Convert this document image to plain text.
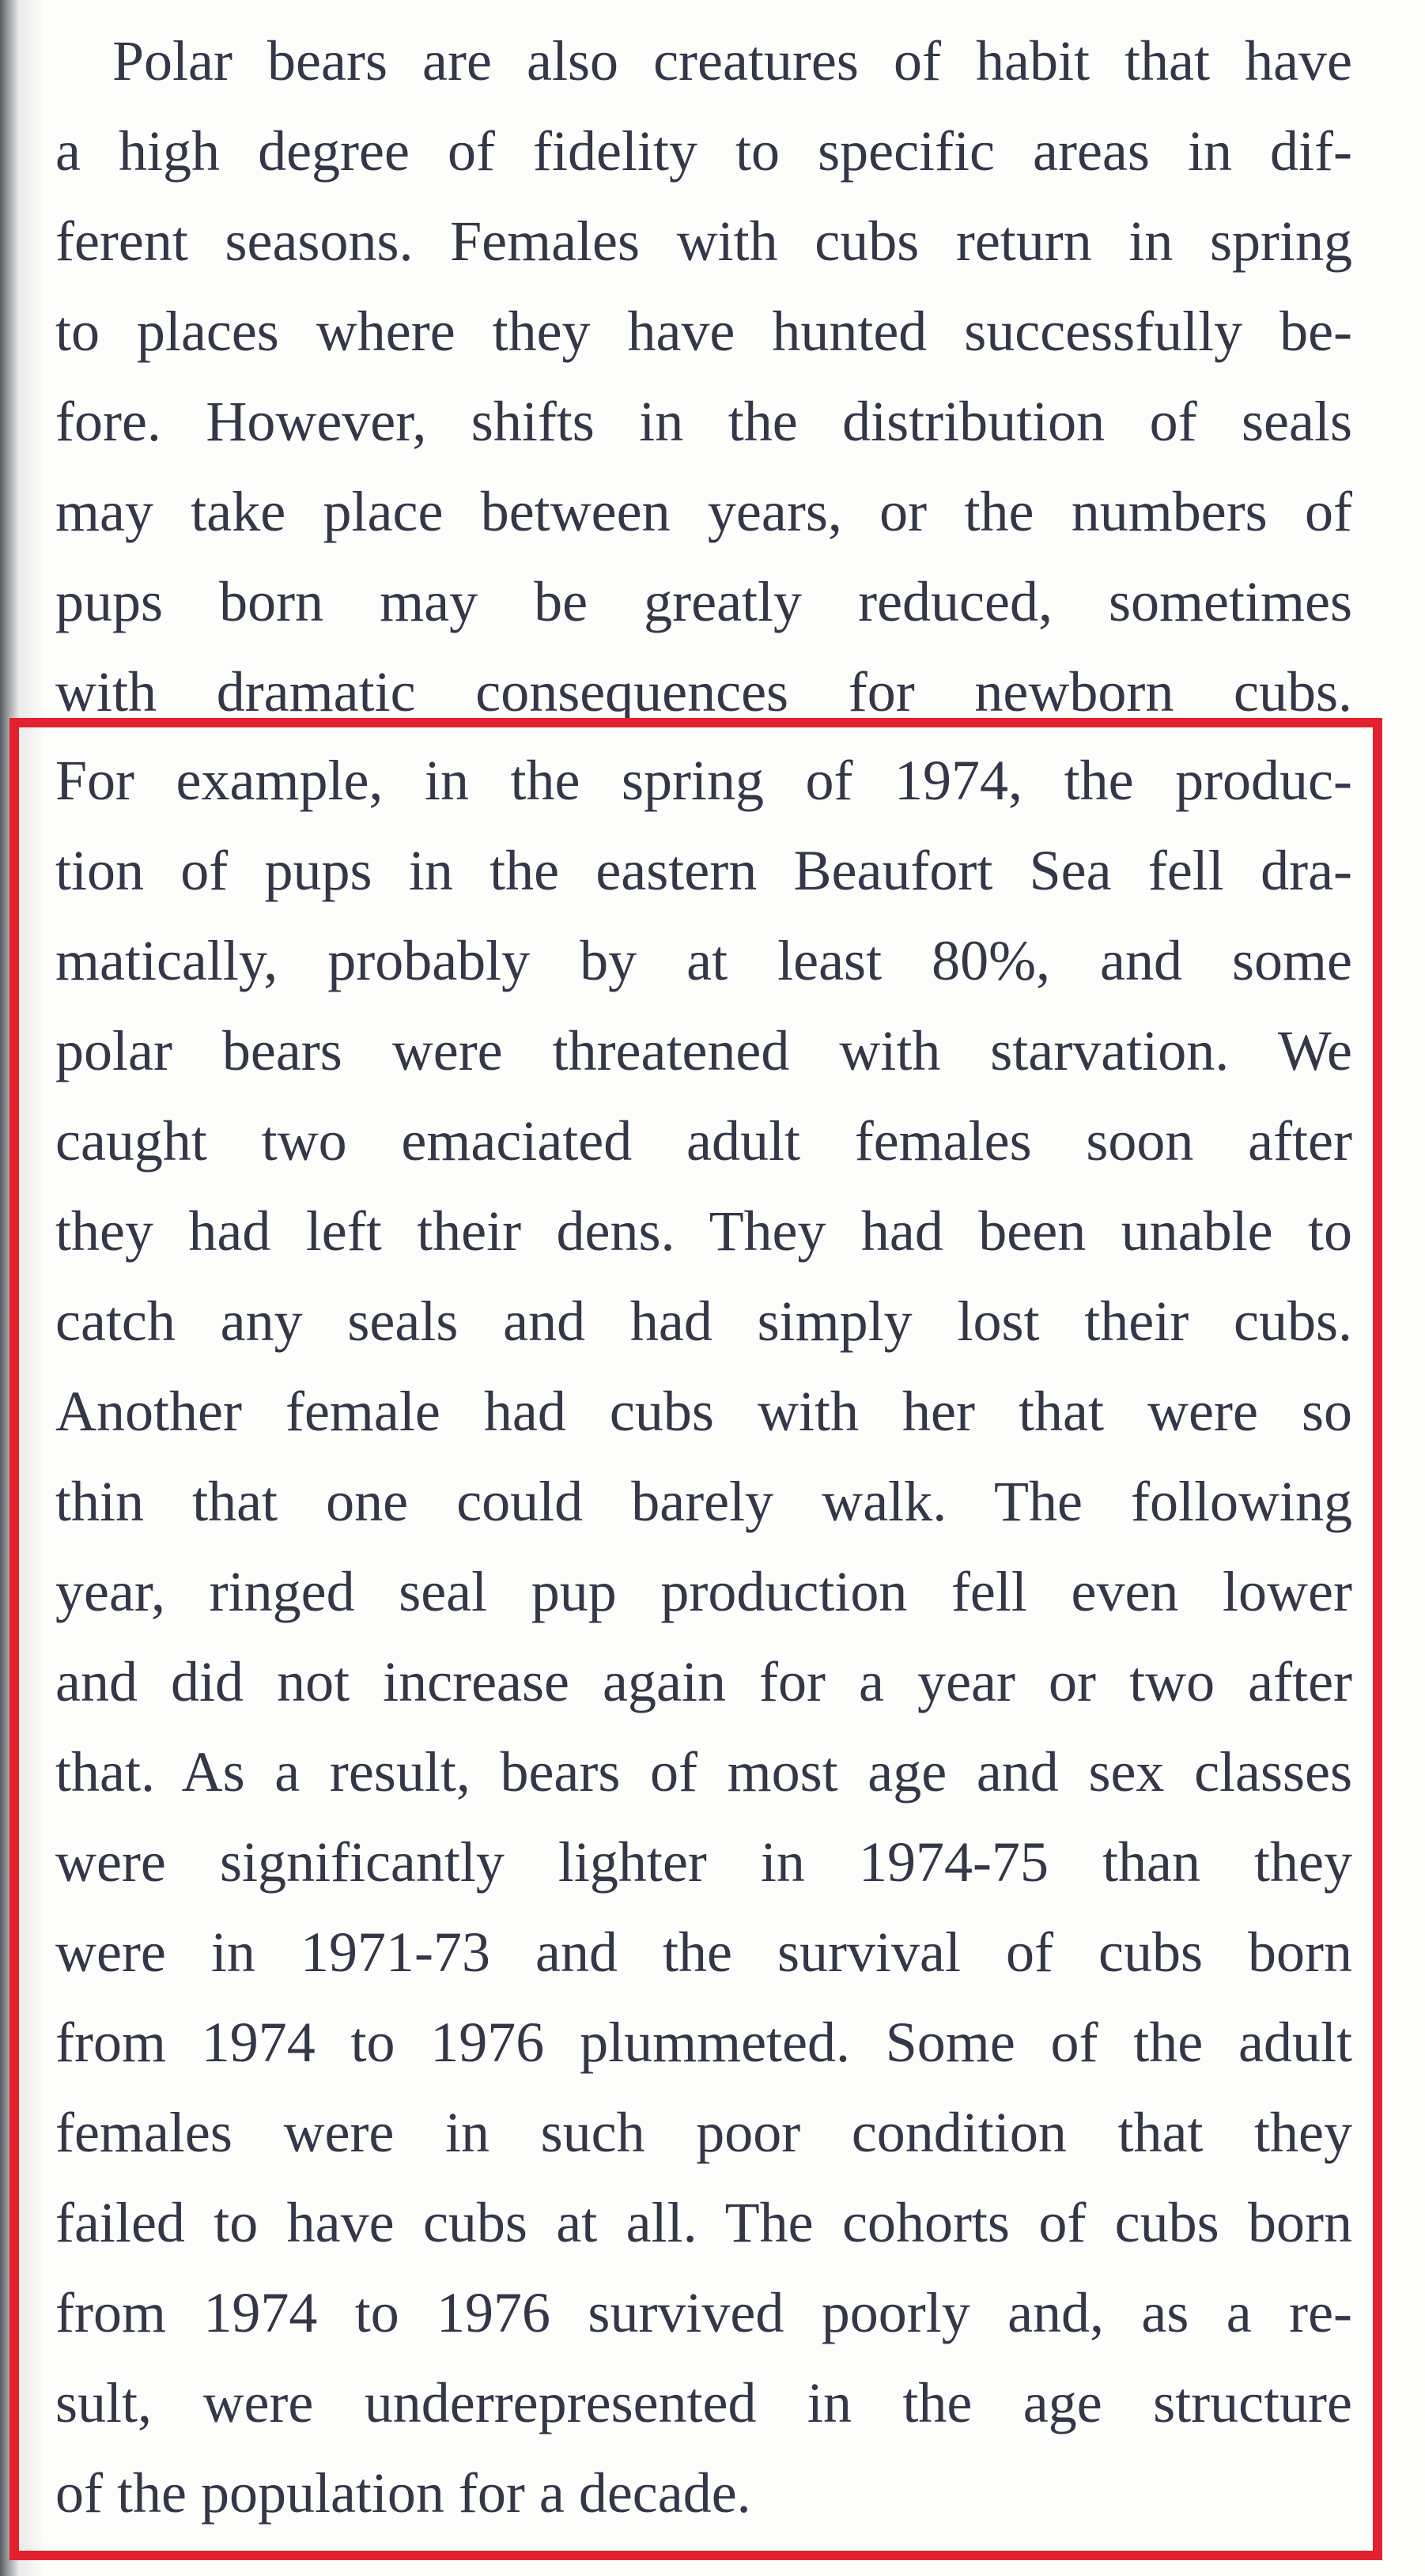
Polar bears are also creatures of habit that have
a high degree of fidelity to specific areas in dif-
ferent seasons. Females with cubs return in spring
to places where they have hunted successfully be-
fore. However, shifts in the distribution of seals
may take place between years, or the numbers of
pups born may be greatly reduced, sometimes
with dramatic consequences for newborn cubs.
For example, in the spring of 1974, the produc-
tion of pups in the eastern Beaufort Sea fell dra-
matically, probably by at least 80%, and some
polar bears were threatened with starvation. We
caught two emaciated adult females soon after
they had left their dens. They had been unable to
catch any seals and had simply lost their cubs.
Another female had cubs with her that were so
thin that one could barely walk. The following
year, ringed seal pup production fell even lower
and did not increase again for a year or two after
that. As a result, bears of most age and sex classes
were significantly lighter in 1974-75 than they
were in 1971-73 and the survival of cubs born
from 1974 to 1976 plummeted. Some of the adult
females were in such poor condition that they
failed to have cubs at all. The cohorts of cubs born
from 1974 to 1976 survived poorly and, as a re-
sult, were underrepresented in the age structure
of the population for a decade.
